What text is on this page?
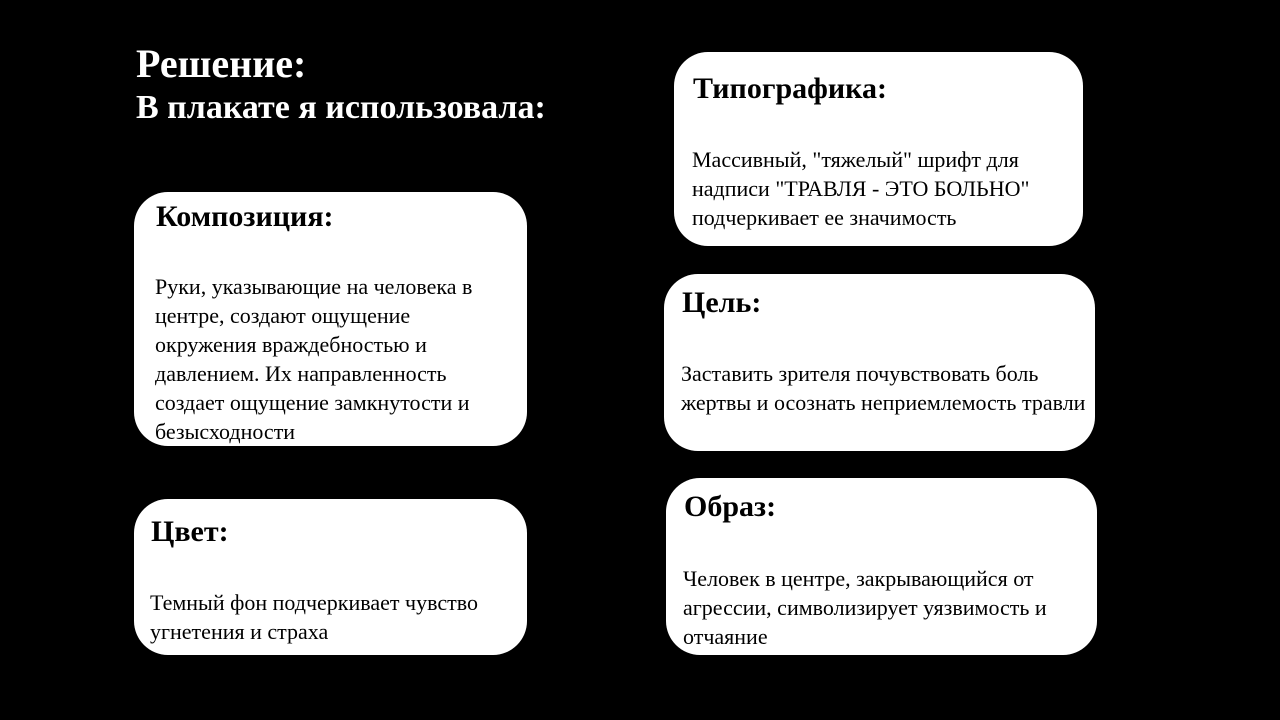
Решение:

В плакате я использовала:

Композиция:

Руки, указывающие на человека в центре, создают ощущение окружения враждебностью и давлением. Их направленность создает ощущение замкнутости и безысходности

Цвет:

Темный фон подчеркивает чувство угнетения и страха

Типографика:

Массивный, "тяжелый" шрифт для надписи "ТРАВЛЯ - ЭТО БОЛЬНО" подчеркивает ее значимость

Цель:

Заставить зрителя почувствовать боль жертвы и осознать неприемлемость травли

Образ:

Человек в центре, закрывающийся от агрессии, символизирует уязвимость и отчаяние
